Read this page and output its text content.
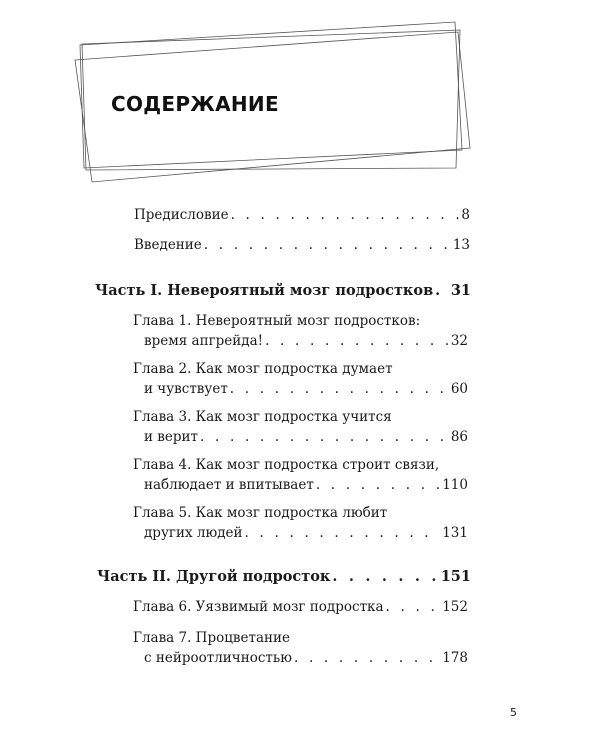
СОДЕРЖАНИЕ
Предисловие . . .	8
Введение . . .	13
Часть I. Невероятный мозг подростков . . . 31
Глава 1. Невероятный мозг подростков:
время апгрейда! . . .	32
Глава 2. Как мозг подростка думает
и чувствует . . .	60
Глава 3. Как мозг подростка учится
и верит . . .	86
Глава 4. Как мозг подростка строит связи,
наблюдает и впитывает . . .	110
Глава 5. Как мозг подростка любит
других людей . . .	131
Часть II. Другой подросток . . .	151
Глава 6. Уязвимый мозг подростка . . .	152
Глава 7. Процветание
с нейроотличностью . . .	178
5
